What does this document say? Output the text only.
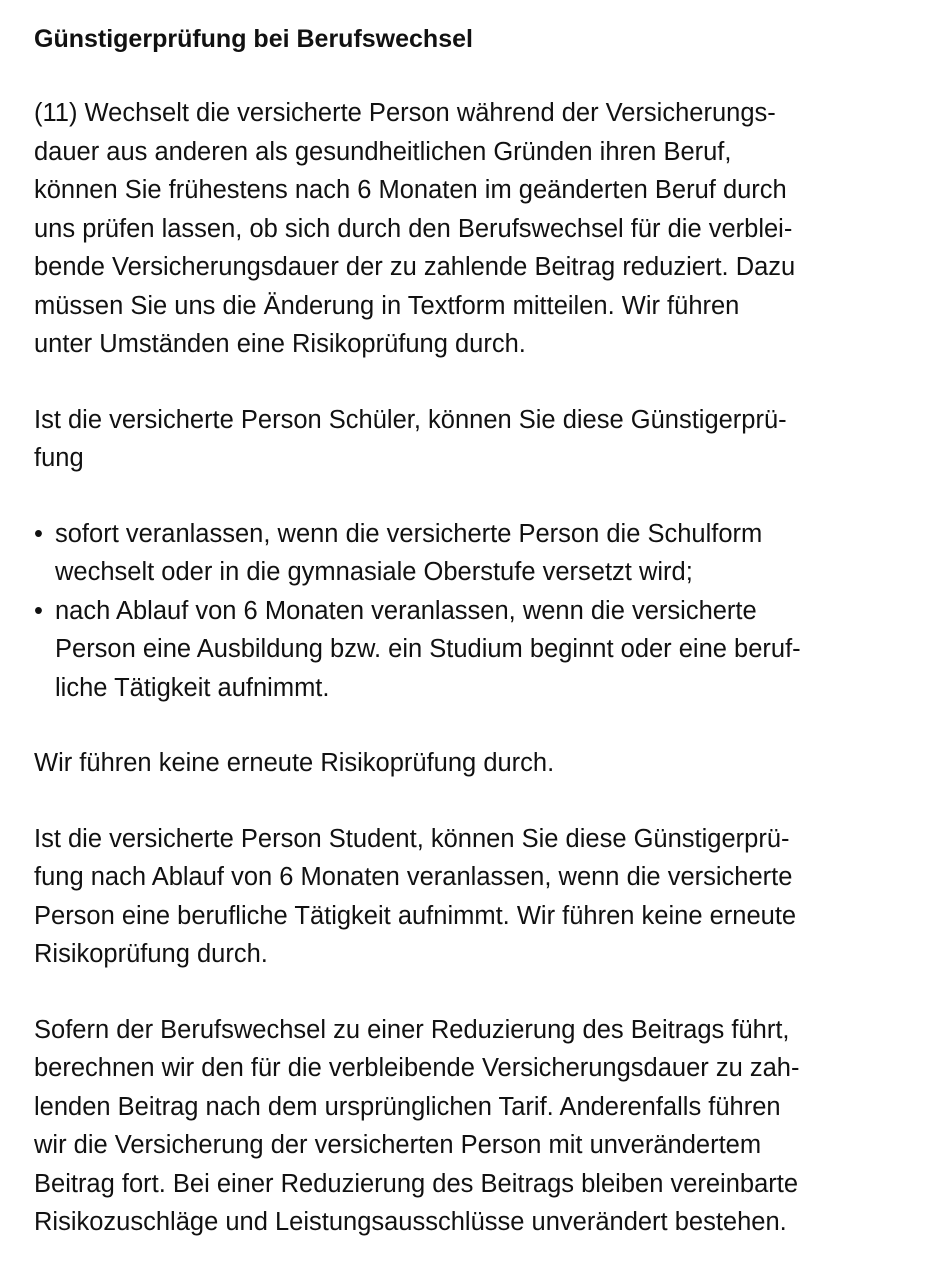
Günstigerprüfung bei Berufswechsel
(11) Wechselt die versicherte Person während der Versicherungs-
dauer aus anderen als gesundheitlichen Gründen ihren Beruf,
können Sie frühestens nach 6 Monaten im geänderten Beruf durch
uns prüfen lassen, ob sich durch den Berufswechsel für die verblei-
bende Versicherungsdauer der zu zahlende Beitrag reduziert. Dazu
müssen Sie uns die Änderung in Textform mitteilen. Wir führen
unter Umständen eine Risikoprüfung durch.
Ist die versicherte Person Schüler, können Sie diese Günstigerprü-
fung
• sofort veranlassen, wenn die versicherte Person die Schulform
wechselt oder in die gymnasiale Oberstufe versetzt wird;
• nach Ablauf von 6 Monaten veranlassen, wenn die versicherte
Person eine Ausbildung bzw. ein Studium beginnt oder eine beruf-
liche Tätigkeit aufnimmt.
Wir führen keine erneute Risikoprüfung durch.
Ist die versicherte Person Student, können Sie diese Günstigerprü-
fung nach Ablauf von 6 Monaten veranlassen, wenn die versicherte
Person eine berufliche Tätigkeit aufnimmt. Wir führen keine erneute
Risikoprüfung durch.
Sofern der Berufswechsel zu einer Reduzierung des Beitrags führt,
berechnen wir den für die verbleibende Versicherungsdauer zu zah-
lenden Beitrag nach dem ursprünglichen Tarif. Anderenfalls führen
wir die Versicherung der versicherten Person mit unverändertem
Beitrag fort. Bei einer Reduzierung des Beitrags bleiben vereinbarte
Risikozuschläge und Leistungsausschlüsse unverändert bestehen.
